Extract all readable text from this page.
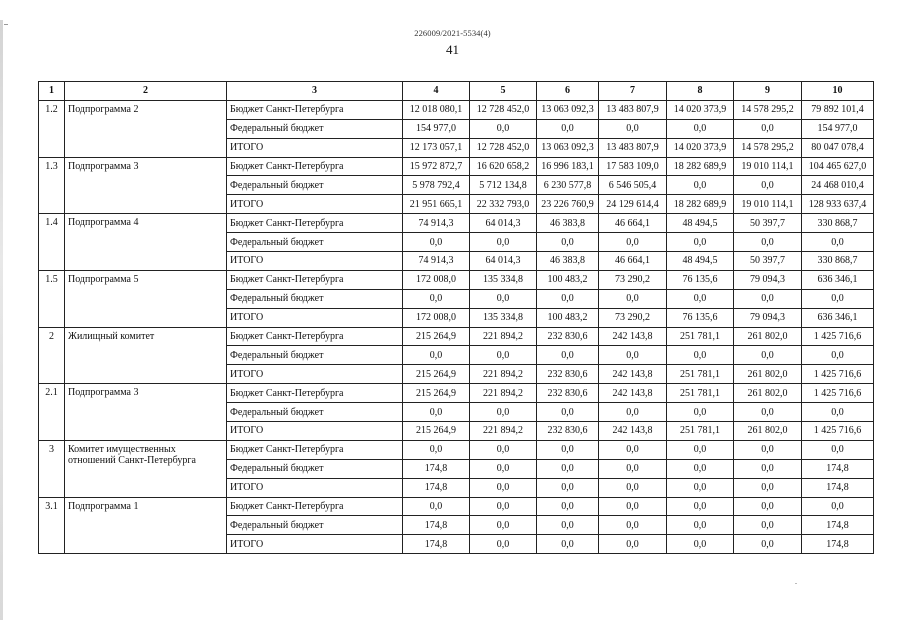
226009/2021-5534(4)
41
1	2	3	4	5	6	7	8	9	10
1.2	Подпрограмма 2	Бюджет Санкт-Петербурга	12 018 080,1	12 728 452,0	13 063 092,3	13 483 807,9	14 020 373,9	14 578 295,2	79 892 101,4
		Федеральный бюджет	154 977,0	0,0	0,0	0,0	0,0	0,0	154 977,0
		ИТОГО	12 173 057,1	12 728 452,0	13 063 092,3	13 483 807,9	14 020 373,9	14 578 295,2	80 047 078,4
1.3	Подпрограмма 3	Бюджет Санкт-Петербурга	15 972 872,7	16 620 658,2	16 996 183,1	17 583 109,0	18 282 689,9	19 010 114,1	104 465 627,0
		Федеральный бюджет	5 978 792,4	5 712 134,8	6 230 577,8	6 546 505,4	0,0	0,0	24 468 010,4
		ИТОГО	21 951 665,1	22 332 793,0	23 226 760,9	24 129 614,4	18 282 689,9	19 010 114,1	128 933 637,4
1.4	Подпрограмма 4	Бюджет Санкт-Петербурга	74 914,3	64 014,3	46 383,8	46 664,1	48 494,5	50 397,7	330 868,7
		Федеральный бюджет	0,0	0,0	0,0	0,0	0,0	0,0	0,0
		ИТОГО	74 914,3	64 014,3	46 383,8	46 664,1	48 494,5	50 397,7	330 868,7
1.5	Подпрограмма 5	Бюджет Санкт-Петербурга	172 008,0	135 334,8	100 483,2	73 290,2	76 135,6	79 094,3	636 346,1
		Федеральный бюджет	0,0	0,0	0,0	0,0	0,0	0,0	0,0
		ИТОГО	172 008,0	135 334,8	100 483,2	73 290,2	76 135,6	79 094,3	636 346,1
2	Жилищный комитет	Бюджет Санкт-Петербурга	215 264,9	221 894,2	232 830,6	242 143,8	251 781,1	261 802,0	1 425 716,6
		Федеральный бюджет	0,0	0,0	0,0	0,0	0,0	0,0	0,0
		ИТОГО	215 264,9	221 894,2	232 830,6	242 143,8	251 781,1	261 802,0	1 425 716,6
2.1	Подпрограмма 3	Бюджет Санкт-Петербурга	215 264,9	221 894,2	232 830,6	242 143,8	251 781,1	261 802,0	1 425 716,6
		Федеральный бюджет	0,0	0,0	0,0	0,0	0,0	0,0	0,0
		ИТОГО	215 264,9	221 894,2	232 830,6	242 143,8	251 781,1	261 802,0	1 425 716,6
3	Комитет имущественных отношений Санкт-Петербурга	Бюджет Санкт-Петербурга	0,0	0,0	0,0	0,0	0,0	0,0	0,0
		Федеральный бюджет	174,8	0,0	0,0	0,0	0,0	0,0	174,8
		ИТОГО	174,8	0,0	0,0	0,0	0,0	0,0	174,8
3.1	Подпрограмма 1	Бюджет Санкт-Петербурга	0,0	0,0	0,0	0,0	0,0	0,0	0,0
		Федеральный бюджет	174,8	0,0	0,0	0,0	0,0	0,0	174,8
		ИТОГО	174,8	0,0	0,0	0,0	0,0	0,0	174,8
